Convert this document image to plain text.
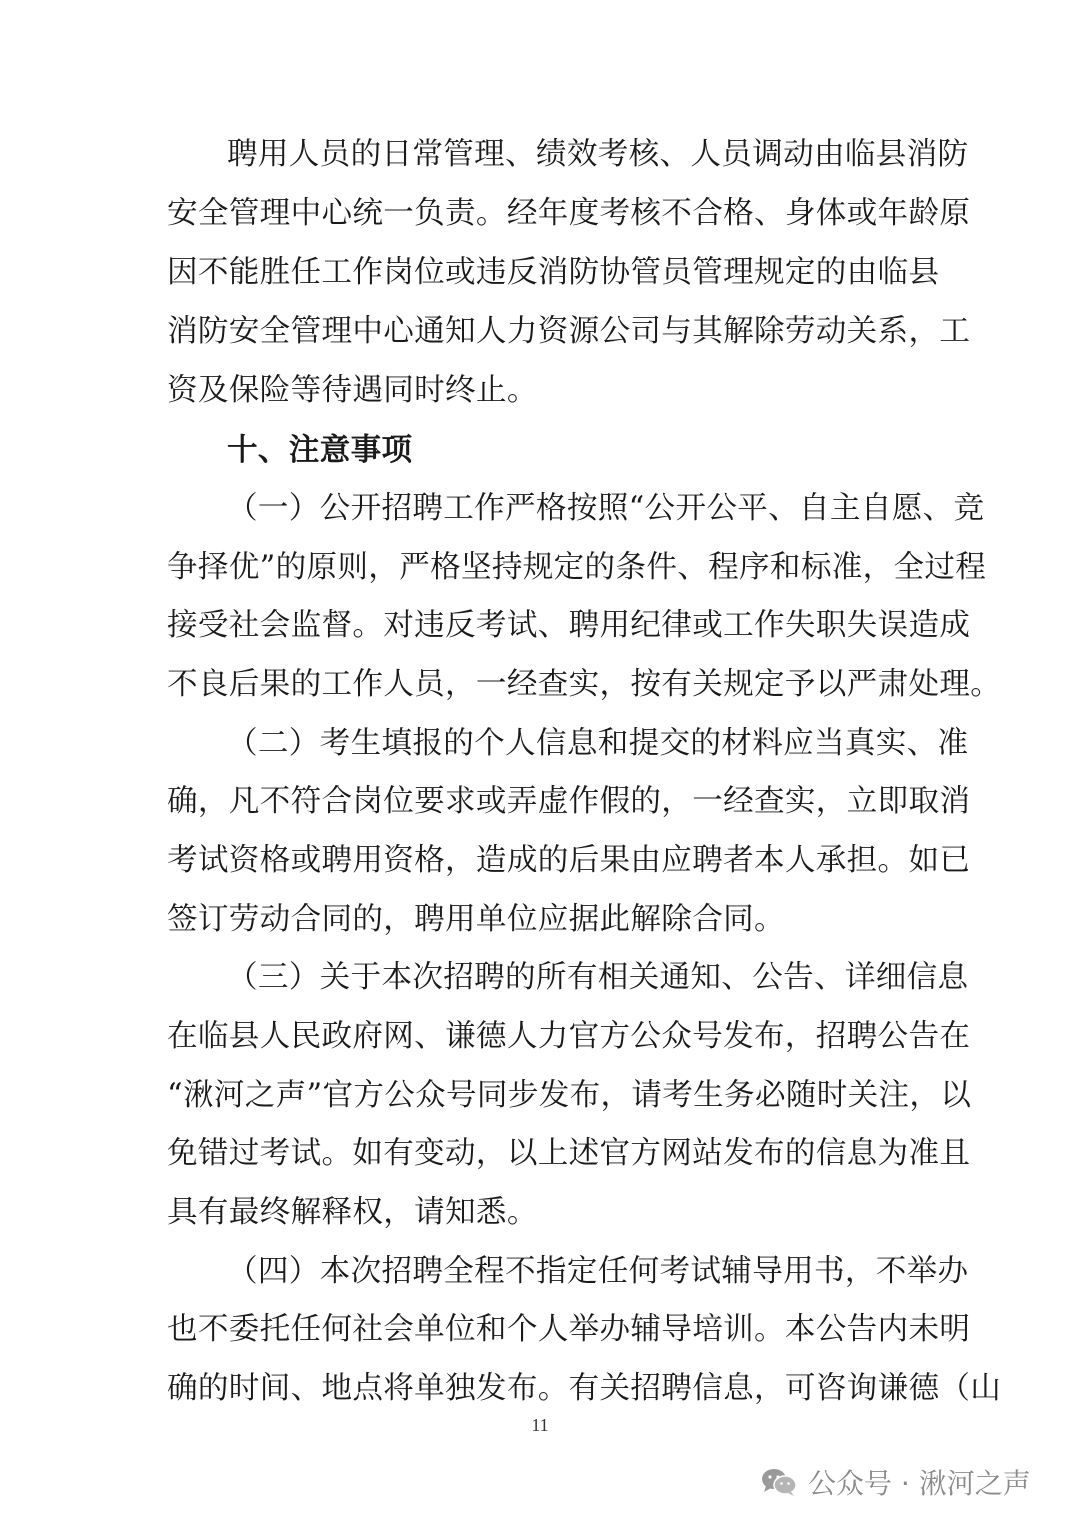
聘用人员的日常管理、绩效考核、人员调动由临县消防
安全管理中心统一负责。经年度考核不合格、身体或年龄原
因不能胜任工作岗位或违反消防协管员管理规定的由临县
消防安全管理中心通知人力资源公司与其解除劳动关系，工
资及保险等待遇同时终止。
十、注意事项
（一）公开招聘工作严格按照“公开公平、自主自愿、竞
争择优”的原则，严格坚持规定的条件、程序和标准，全过程
接受社会监督。对违反考试、聘用纪律或工作失职失误造成
不良后果的工作人员，一经查实，按有关规定予以严肃处理。
（二）考生填报的个人信息和提交的材料应当真实、准
确，凡不符合岗位要求或弄虚作假的，一经查实，立即取消
考试资格或聘用资格，造成的后果由应聘者本人承担。如已
签订劳动合同的，聘用单位应据此解除合同。
（三）关于本次招聘的所有相关通知、公告、详细信息
在临县人民政府网、谦德人力官方公众号发布，招聘公告在
“湫河之声”官方公众号同步发布，请考生务必随时关注，以
免错过考试。如有变动，以上述官方网站发布的信息为准且
具有最终解释权，请知悉。
（四）本次招聘全程不指定任何考试辅导用书，不举办
也不委托任何社会单位和个人举办辅导培训。本公告内未明
确的时间、地点将单独发布。有关招聘信息，可咨询谦德（山
11
公众号 · 湫河之声
